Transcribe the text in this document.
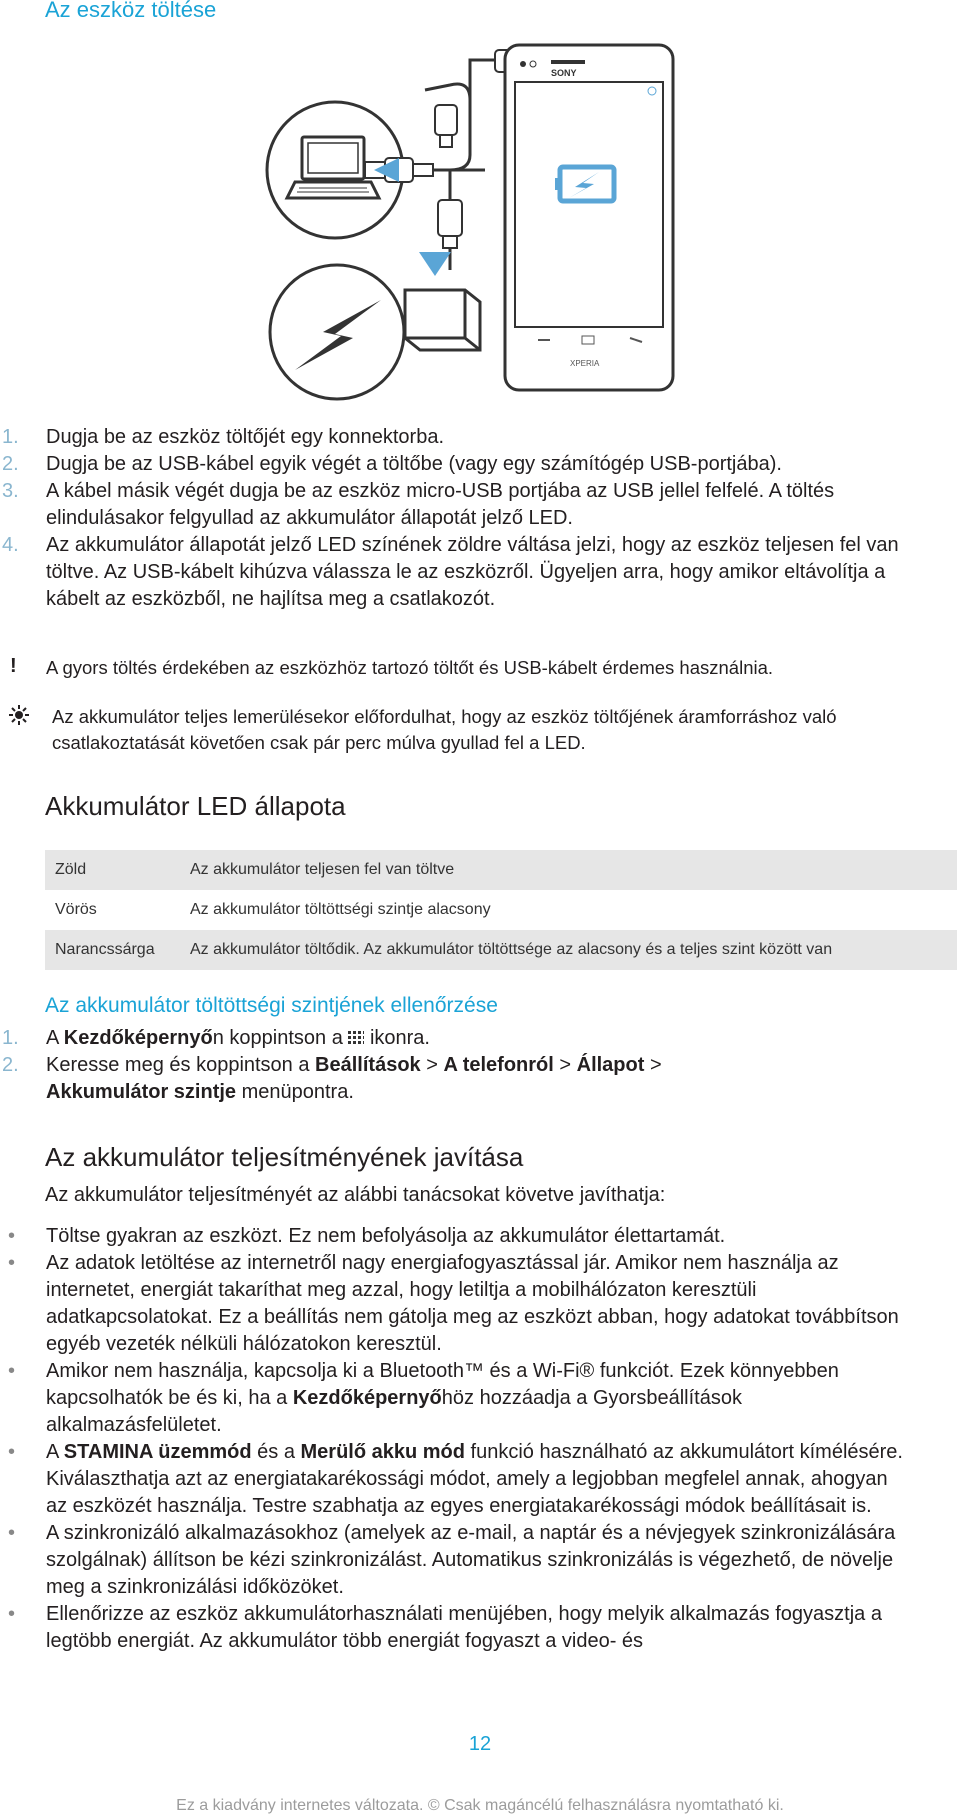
Az eszköz töltése
SONY
XPERIA
1. Dugja be az eszköz töltőjét egy konnektorba.
2. Dugja be az USB-kábel egyik végét a töltőbe (vagy egy számítógép USB-portjába).
3. A kábel másik végét dugja be az eszköz micro-USB portjába az USB jellel felfelé. A töltés elindulásakor felgyullad az akkumulátor állapotát jelző LED.
4. Az akkumulátor állapotát jelző LED színének zöldre váltása jelzi, hogy az eszköz teljesen fel van töltve. Az USB-kábelt kihúzva válassza le az eszközről. Ügyeljen arra, hogy amikor eltávolítja a kábelt az eszközből, ne hajlítsa meg a csatlakozót.
! A gyors töltés érdekében az eszközhöz tartozó töltőt és USB-kábelt érdemes használnia.
Az akkumulátor teljes lemerülésekor előfordulhat, hogy az eszköz töltőjének áramforráshoz való csatlakoztatását követően csak pár perc múlva gyullad fel a LED.
Akkumulátor LED állapota
Zöld	Az akkumulátor teljesen fel van töltve
Vörös	Az akkumulátor töltöttségi szintje alacsony
Narancssárga	Az akkumulátor töltődik. Az akkumulátor töltöttsége az alacsony és a teljes szint között van
Az akkumulátor töltöttségi szintjének ellenőrzése
1. A Kezdőképernyőn koppintson a  ikonra.
2. Keresse meg és koppintson a Beállítások > A telefonról > Állapot > Akkumulátor szintje menüpontra.
Az akkumulátor teljesítményének javítása
Az akkumulátor teljesítményét az alábbi tanácsokat követve javíthatja:
• Töltse gyakran az eszközt. Ez nem befolyásolja az akkumulátor élettartamát.
• Az adatok letöltése az internetről nagy energiafogyasztással jár. Amikor nem használja az internetet, energiát takaríthat meg azzal, hogy letiltja a mobilhálózaton keresztüli adatkapcsolatokat. Ez a beállítás nem gátolja meg az eszközt abban, hogy adatokat továbbítson egyéb vezeték nélküli hálózatokon keresztül.
• Amikor nem használja, kapcsolja ki a Bluetooth™ és a Wi-Fi® funkciót. Ezek könnyebben kapcsolhatók be és ki, ha a Kezdőképernyőhöz hozzáadja a Gyorsbeállítások alkalmazásfelületet.
• A STAMINA üzemmód és a Merülő akku mód funkció használható az akkumulátort kímélésére. Kiválaszthatja azt az energiatakarékossági módot, amely a legjobban megfelel annak, ahogyan az eszközét használja. Testre szabhatja az egyes energiatakarékossági módok beállításait is.
• A szinkronizáló alkalmazásokhoz (amelyek az e-mail, a naptár és a névjegyek szinkronizálására szolgálnak) állítson be kézi szinkronizálást. Automatikus szinkronizálás is végezhető, de növelje meg a szinkronizálási időközöket.
• Ellenőrizze az eszköz akkumulátorhasználati menüjében, hogy melyik alkalmazás fogyasztja a legtöbb energiát. Az akkumulátor több energiát fogyaszt a video- és
12
Ez a kiadvány internetes változata. © Csak magáncélú felhasználásra nyomtatható ki.
